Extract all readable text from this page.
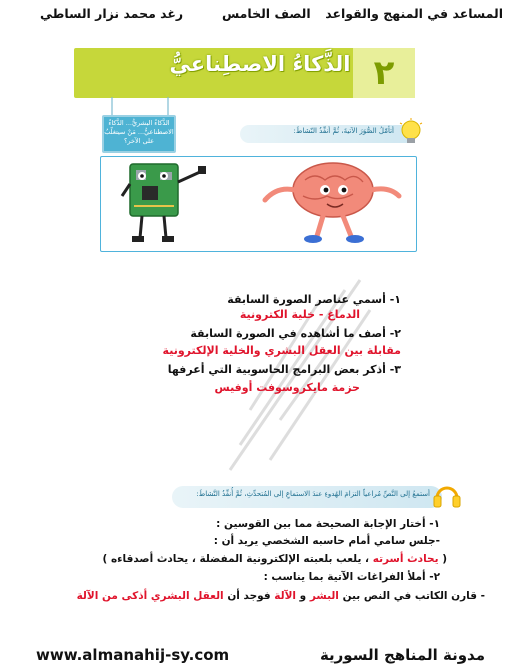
المساعد في المنهج والقواعد
الصف الخامس
رغد محمد نزار الساطي
٢
الذَّكاءُ الاصطِناعيُّ
الذَّكاءُ البشريُّ... الذَّكاءُ الاصطناعيُّ... مَنْ سيتغلّبُ على الآخر؟
أتأمّلُ الصُّوَرَ الآتيةَ، ثُمَّ أنفِّذُ النّشاطَ:
١- أسمي عناصر الصورة السابقة
الدماغ - خلية الكترونية
٢- أصف ما أشاهده في الصورة السابقة
مقابلة بين العقل البشري والخلية الإلكترونية
٣- أذكر بعض البرامج الحاسوبية التي أعرفها
حزمة مايكروسوفت أوفيس
أستمعُ إلى النَّصِّ مُراعياً التزامَ الهُدوءِ عندَ الاستماعِ إلى المُتحدِّثِ، ثُمَّ أُنفِّذُ النَّشاطَ:
١- أختار الإجابة الصحيحة مما بين القوسين :
-جلس سامي أمام حاسبه الشخصي يريد أن :
( يحادث أسرته ، يلعب بلعبته الإلكترونية المفضلة ، يحادث أصدقاءه )
٢- أملأ الفراغات الآتية بما يناسب :
- قارن الكاتب في النص بين البشر و الآلة فوجد أن العقل البشري أذكى من الآلة
www.almanahij-sy.com	مدونة المناهج السورية
